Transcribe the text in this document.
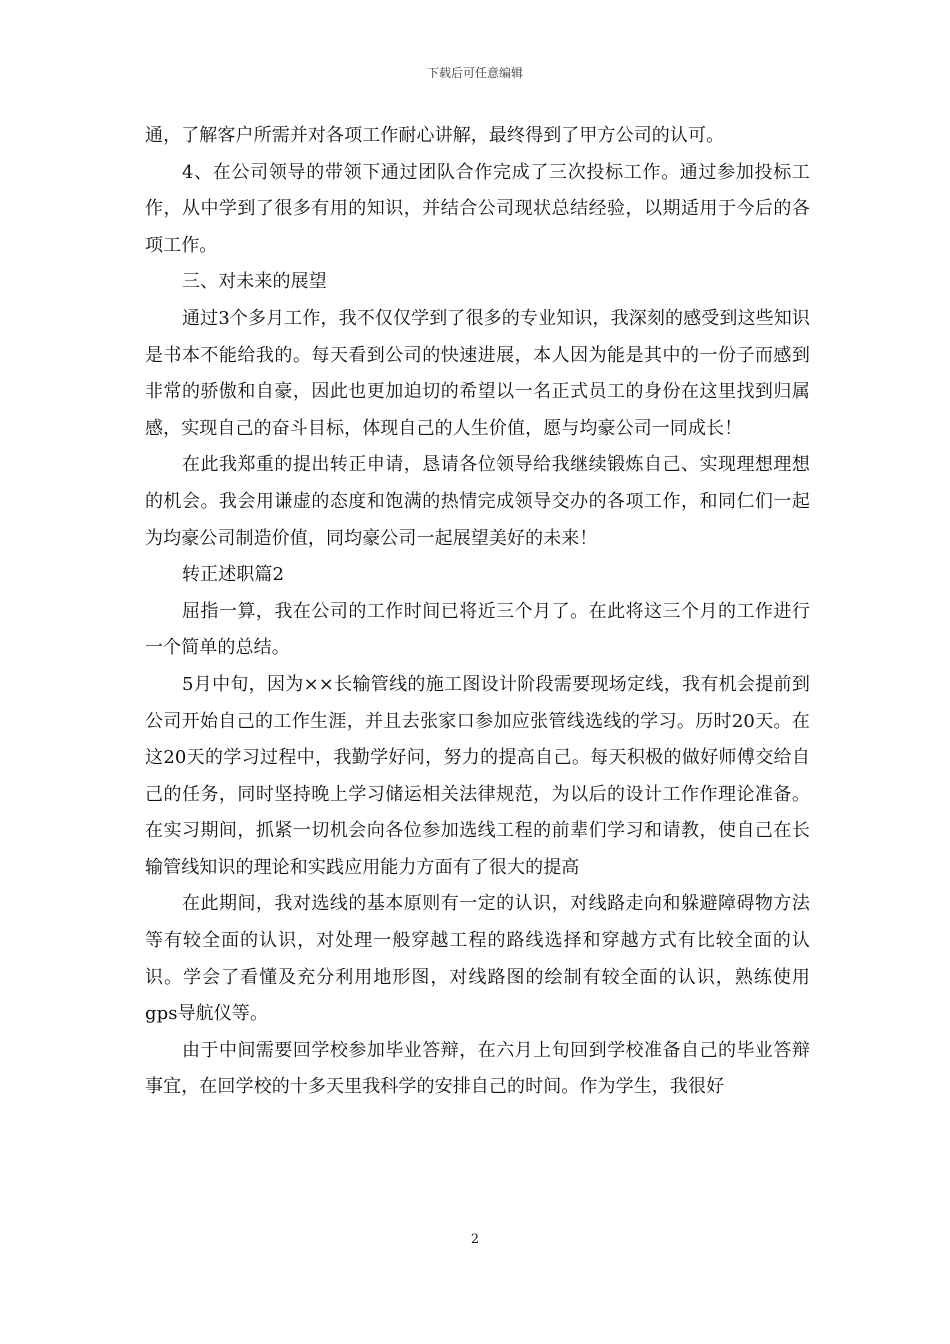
下载后可任意编辑

通，了解客户所需并对各项工作耐心讲解，最终得到了甲方公司的认可。

4、在公司领导的带领下通过团队合作完成了三次投标工作。通过参加投标工作，从中学到了很多有用的知识，并结合公司现状总结经验，以期适用于今后的各项工作。

三、对未来的展望

通过3个多月工作，我不仅仅学到了很多的专业知识，我深刻的感受到这些知识是书本不能给我的。每天看到公司的快速进展，本人因为能是其中的一份子而感到非常的骄傲和自豪，因此也更加迫切的希望以一名正式员工的身份在这里找到归属感，实现自己的奋斗目标，体现自己的人生价值，愿与均豪公司一同成长！

在此我郑重的提出转正申请，恳请各位领导给我继续锻炼自己、实现理想理想的机会。我会用谦虚的态度和饱满的热情完成领导交办的各项工作，和同仁们一起为均豪公司制造价值，同均豪公司一起展望美好的未来！

转正述职篇2

屈指一算，我在公司的工作时间已将近三个月了。在此将这三个月的工作进行一个简单的总结。

5月中旬，因为××长输管线的施工图设计阶段需要现场定线，我有机会提前到公司开始自己的工作生涯，并且去张家口参加应张管线选线的学习。历时20天。在这20天的学习过程中，我勤学好问，努力的提高自己。每天积极的做好师傅交给自己的任务，同时坚持晚上学习储运相关法律规范，为以后的设计工作作理论准备。在实习期间，抓紧一切机会向各位参加选线工程的前辈们学习和请教，使自己在长输管线知识的理论和实践应用能力方面有了很大的提高

在此期间，我对选线的基本原则有一定的认识，对线路走向和躲避障碍物方法等有较全面的认识，对处理一般穿越工程的路线选择和穿越方式有比较全面的认识。学会了看懂及充分利用地形图，对线路图的绘制有较全面的认识，熟练使用gps导航仪等。

由于中间需要回学校参加毕业答辩，在六月上旬回到学校准备自己的毕业答辩事宜，在回学校的十多天里我科学的安排自己的时间。作为学生，我很好

2
